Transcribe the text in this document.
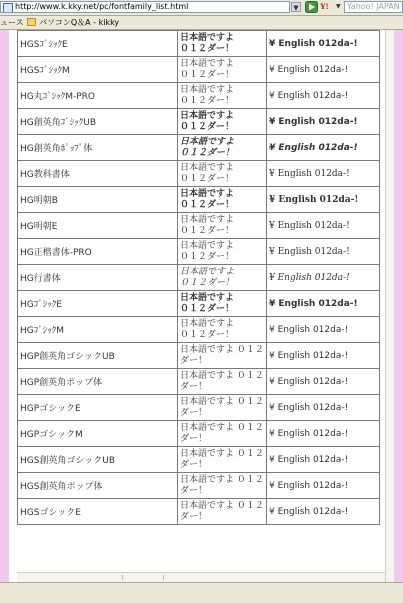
http://www.k.kky.net/pc/fontfamily_list.html	▼	Y!	▼ Yahoo! JAPAN
ュース パソコンQ＆A - kikky
HGSｺﾞｼｯｸE	日本語ですよ
０１２ダー！	¥ English 012da-!
HGSｺﾞｼｯｸM	日本語ですよ
０１２ダー！	¥ English 012da-!
HG丸ｺﾞｼｯｸM-PRO	日本語ですよ
０１２ダー！	¥ English 012da-!
HG創英角ｺﾞｼｯｸUB	日本語ですよ
０１２ダー！	¥ English 012da-!
HG創英角ﾎﾟｯﾌﾟ体	日本語ですよ
０１２ダー！	¥ English 012da-!
HG教科書体	日本語ですよ
０１２ダー！	¥ English 012da-!
HG明朝B	日本語ですよ
０１２ダー！	¥ English 012da-!
HG明朝E	日本語ですよ
０１２ダー！	¥ English 012da-!
HG正楷書体-PRO	日本語ですよ
０１２ダー！	¥ English 012da-!
HG行書体	日本語ですよ
０１２ダー！	¥ English 012da-!
HGｺﾞｼｯｸE	日本語ですよ
０１２ダー！	¥ English 012da-!
HGｺﾞｼｯｸM	日本語ですよ
０１２ダー！	¥ English 012da-!
HGP創英角ゴシックUB	日本語ですよ ０１２
ダー！	¥ English 012da-!
HGP創英角ポップ体	日本語ですよ ０１２
ダー！	¥ English 012da-!
HGPゴシックE	日本語ですよ ０１２
ダー！	¥ English 012da-!
HGPゴシックM	日本語ですよ ０１２
ダー！	¥ English 012da-!
HGS創英角ゴシックUB	日本語ですよ ０１２
ダー！	¥ English 012da-!
HGS創英角ポップ体	日本語ですよ ０１２
ダー！	¥ English 012da-!
HGSゴシックE	日本語ですよ ０１２
ダー！	¥ English 012da-!
